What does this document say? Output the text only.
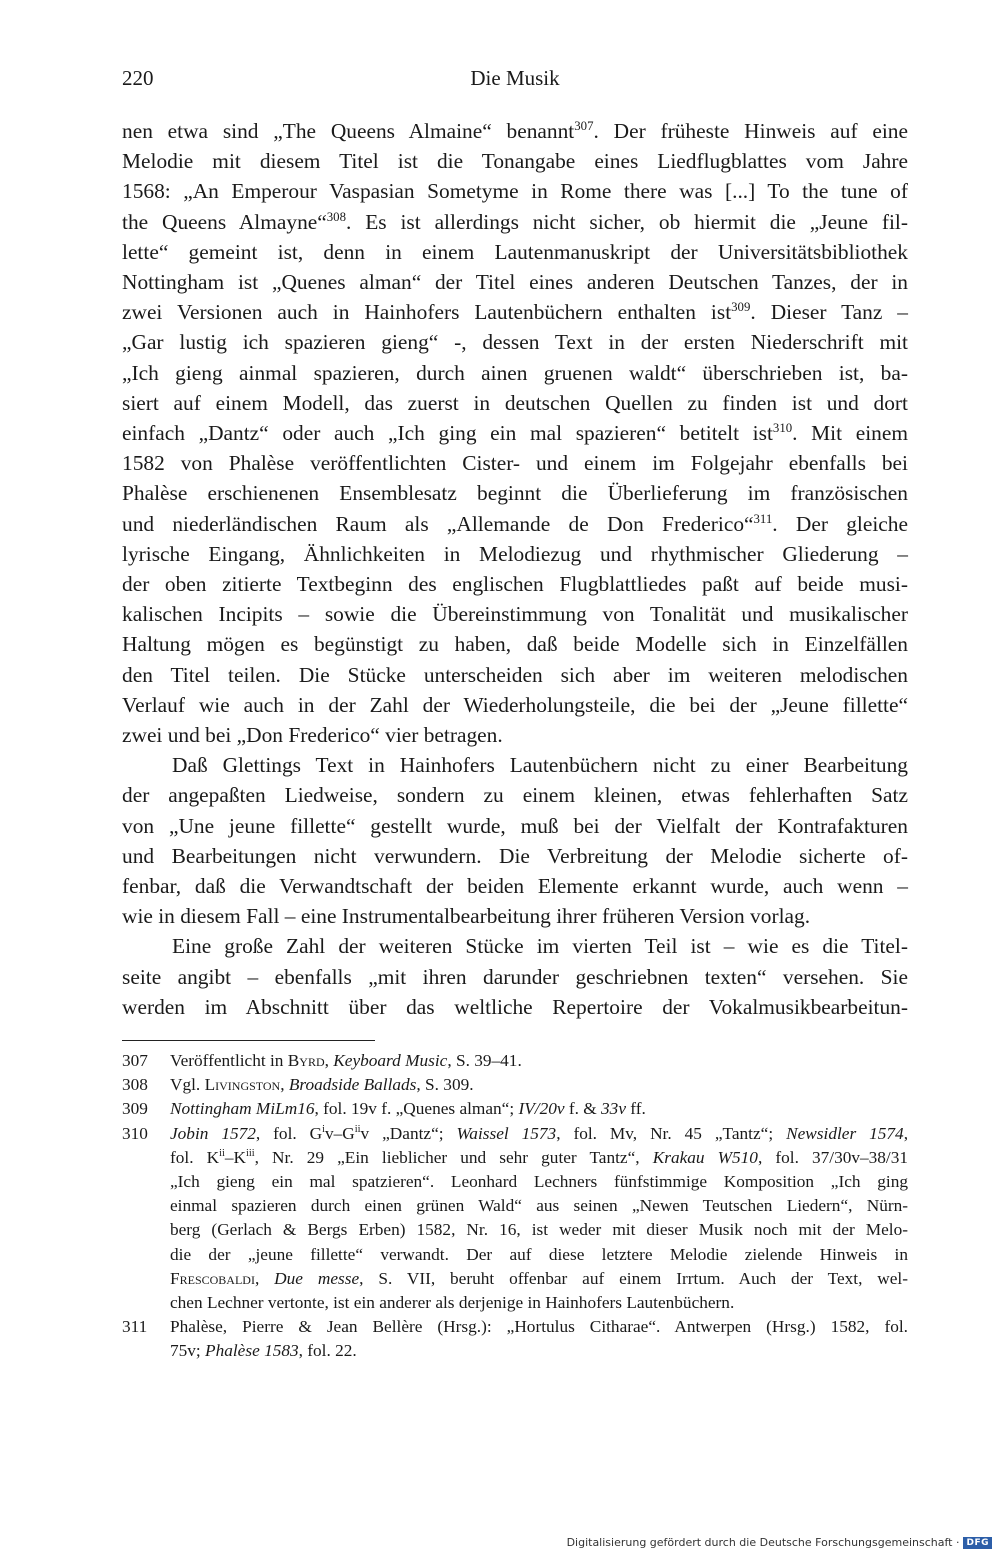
220	Die Musik

nen etwa sind „The Queens Almaine“ benannt$^{307}$. Der früheste Hinweis auf eine
Melodie mit diesem Titel ist die Tonangabe eines Liedflugblattes vom Jahre
1568: „An Emperour Vaspasian Sometyme in Rome there was [...] To the tune of
the Queens Almayne“$^{308}$. Es ist allerdings nicht sicher, ob hiermit die „Jeune fil-
lette“ gemeint ist, denn in einem Lautenmanuskript der Universitätsbibliothek
Nottingham ist „Quenes alman“ der Titel eines anderen Deutschen Tanzes, der in
zwei Versionen auch in Hainhofers Lautenbüchern enthalten ist$^{309}$. Dieser Tanz –
„Gar lustig ich spazieren gieng“ -, dessen Text in der ersten Niederschrift mit
„Ich gieng ainmal spazieren, durch ainen gruenen waldt“ überschrieben ist, ba-
siert auf einem Modell, das zuerst in deutschen Quellen zu finden ist und dort
einfach „Dantz“ oder auch „Ich ging ein mal spazieren“ betitelt ist$^{310}$. Mit einem
1582 von Phalèse veröffentlichten Cister- und einem im Folgejahr ebenfalls bei
Phalèse erschienenen Ensemblesatz beginnt die Überlieferung im französischen
und niederländischen Raum als „Allemande de Don Frederico“$^{311}$. Der gleiche
lyrische Eingang, Ähnlichkeiten in Melodiezug und rhythmischer Gliederung –
der oben zitierte Textbeginn des englischen Flugblattliedes paßt auf beide musi-
kalischen Incipits – sowie die Übereinstimmung von Tonalität und musikalischer
Haltung mögen es begünstigt zu haben, daß beide Modelle sich in Einzelfällen
den Titel teilen. Die Stücke unterscheiden sich aber im weiteren melodischen
Verlauf wie auch in der Zahl der Wiederholungsteile, die bei der „Jeune fillette“
zwei und bei „Don Frederico“ vier betragen.

Daß Glettings Text in Hainhofers Lautenbüchern nicht zu einer Bearbeitung
der angepaßten Liedweise, sondern zu einem kleinen, etwas fehlerhaften Satz
von „Une jeune fillette“ gestellt wurde, muß bei der Vielfalt der Kontrafakturen
und Bearbeitungen nicht verwundern. Die Verbreitung der Melodie sicherte of-
fenbar, daß die Verwandtschaft der beiden Elemente erkannt wurde, auch wenn –
wie in diesem Fall – eine Instrumentalbearbeitung ihrer früheren Version vorlag.

Eine große Zahl der weiteren Stücke im vierten Teil ist – wie es die Titel-
seite angibt – ebenfalls „mit ihren darunder geschriebnen texten“ versehen. Sie
werden im Abschnitt über das weltliche Repertoire der Vokalmusikbearbeitun-

307 Veröffentlicht in Byrd, Keyboard Music, S. 39–41.
308 Vgl. Livingston, Broadside Ballads, S. 309.
309 Nottingham MiLm16, fol. 19v f. „Quenes alman“; IV/20v f. & 33v ff.
310 Jobin 1572, fol. $G^iv-G^{ii}v$ „Dantz“; Waissel 1573, fol. Mv, Nr. 45 „Tantz“; Newsidler 1574,
fol. $K^{ii}-K^{iii}$, Nr. 29 „Ein lieblicher und sehr guter Tantz“, Krakau W510, fol. 37/30v–38/31
„Ich gieng ein mal spatzieren“. Leonhard Lechners fünfstimmige Komposition „Ich ging
einmal spazieren durch einen grünen Wald“ aus seinen „Newen Teutschen Liedern“, Nürn-
berg (Gerlach & Bergs Erben) 1582, Nr. 16, ist weder mit dieser Musik noch mit der Melo-
die der „jeune fillette“ verwandt. Der auf diese letztere Melodie zielende Hinweis in
Frescobaldi, Due messe, S. VII, beruht offenbar auf einem Irrtum. Auch der Text, wel-
chen Lechner vertonte, ist ein anderer als derjenige in Hainhofers Lautenbüchern.
311 Phalèse, Pierre & Jean Bellère (Hrsg.): „Hortulus Citharae“. Antwerpen (Hrsg.) 1582, fol.
75v; Phalèse 1583, fol. 22.
Digitalisierung gefördert durch die Deutsche Forschungsgemeinschaft · DFG
